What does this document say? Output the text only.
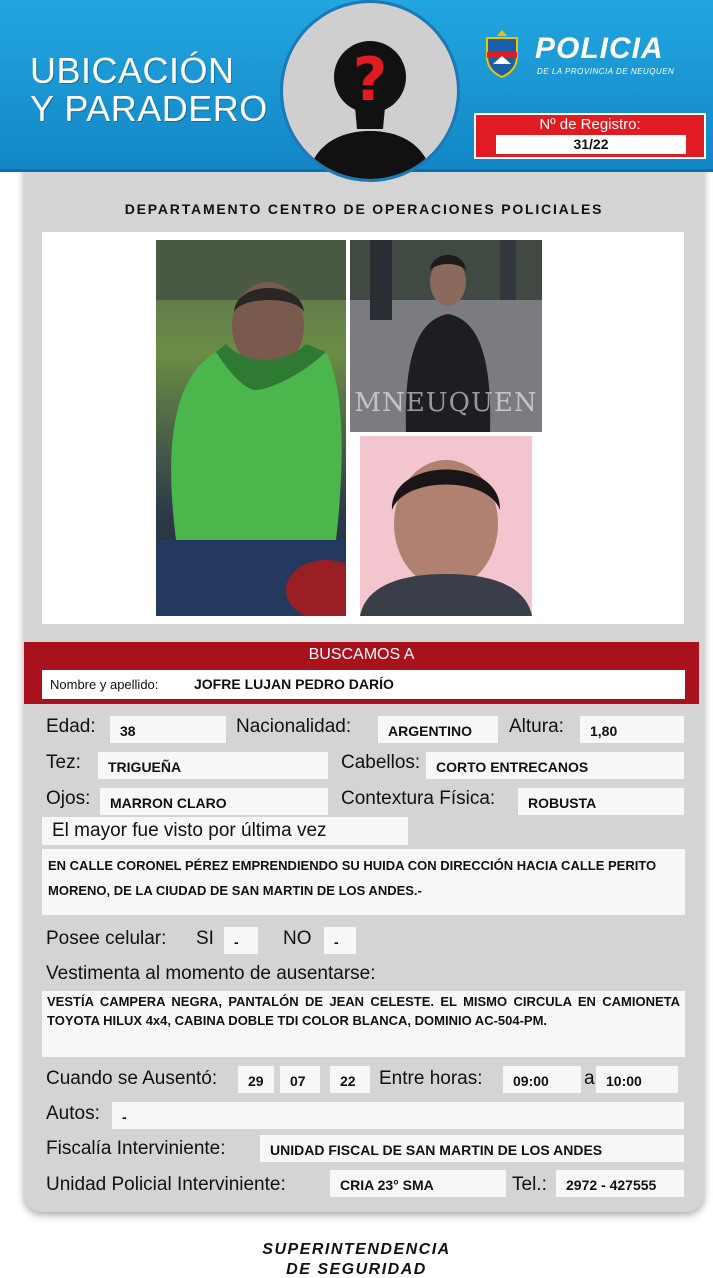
UBICACIÓN
Y PARADERO	?	POLICIA
DE LA PROVINCIA DE NEUQUEN
Nº de Registro:
31/22
DEPARTAMENTO CENTRO DE OPERACIONES POLICIALES
MNEUQUEN
BUSCAMOS A
Nombre y apellido:	JOFRE LUJAN PEDRO DARÍO
Edad:	38	Nacionalidad:	ARGENTINO	Altura:	1,80
Tez:	TRIGUEÑA	Cabellos:	CORTO ENTRECANOS
Ojos:	MARRON CLARO	Contextura Física:	ROBUSTA
El mayor fue visto por última vez
EN CALLE CORONEL PÉREZ EMPRENDIENDO SU HUIDA CON DIRECCIÓN HACIA CALLE PERITO MORENO, DE LA CIUDAD DE SAN MARTIN DE LOS ANDES.-
Posee celular: SI	-	NO	-
Vestimenta al momento de ausentarse:
VESTÍA CAMPERA NEGRA, PANTALÓN DE JEAN CELESTE. EL MISMO CIRCULA EN CAMIONETA TOYOTA HILUX 4x4, CABINA DOBLE TDI COLOR BLANCA, DOMINIO AC-504-PM.
Cuando se Ausentó:	29	07	22	Entre horas:	09:00	a 10:00
Autos:	-
Fiscalía Interviniente:	UNIDAD FISCAL DE SAN MARTIN DE LOS ANDES
Unidad Policial Interviniente:	CRIA 23° SMA	Tel.:	2972 - 427555
SUPERINTENDENCIA
DE SEGURIDAD
